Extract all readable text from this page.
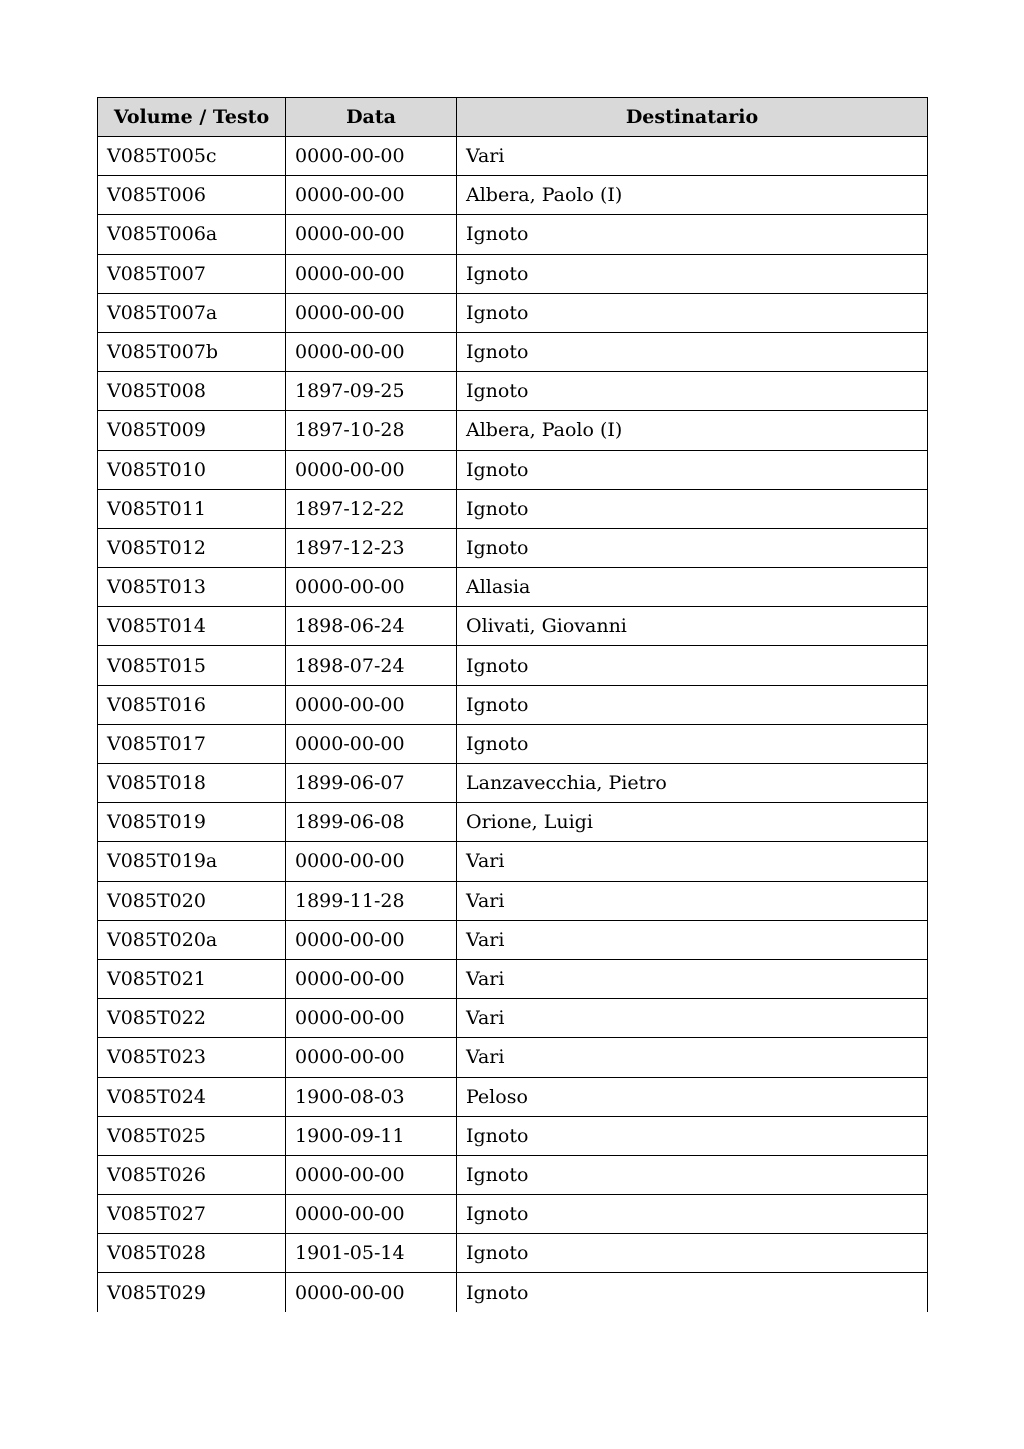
Volume / Testo	Data	Destinatario
V085T005c	0000-00-00	Vari
V085T006	0000-00-00	Albera, Paolo (I)
V085T006a	0000-00-00	Ignoto
V085T007	0000-00-00	Ignoto
V085T007a	0000-00-00	Ignoto
V085T007b	0000-00-00	Ignoto
V085T008	1897-09-25	Ignoto
V085T009	1897-10-28	Albera, Paolo (I)
V085T010	0000-00-00	Ignoto
V085T011	1897-12-22	Ignoto
V085T012	1897-12-23	Ignoto
V085T013	0000-00-00	Allasia
V085T014	1898-06-24	Olivati, Giovanni
V085T015	1898-07-24	Ignoto
V085T016	0000-00-00	Ignoto
V085T017	0000-00-00	Ignoto
V085T018	1899-06-07	Lanzavecchia, Pietro
V085T019	1899-06-08	Orione, Luigi
V085T019a	0000-00-00	Vari
V085T020	1899-11-28	Vari
V085T020a	0000-00-00	Vari
V085T021	0000-00-00	Vari
V085T022	0000-00-00	Vari
V085T023	0000-00-00	Vari
V085T024	1900-08-03	Peloso
V085T025	1900-09-11	Ignoto
V085T026	0000-00-00	Ignoto
V085T027	0000-00-00	Ignoto
V085T028	1901-05-14	Ignoto
V085T029	0000-00-00	Ignoto
